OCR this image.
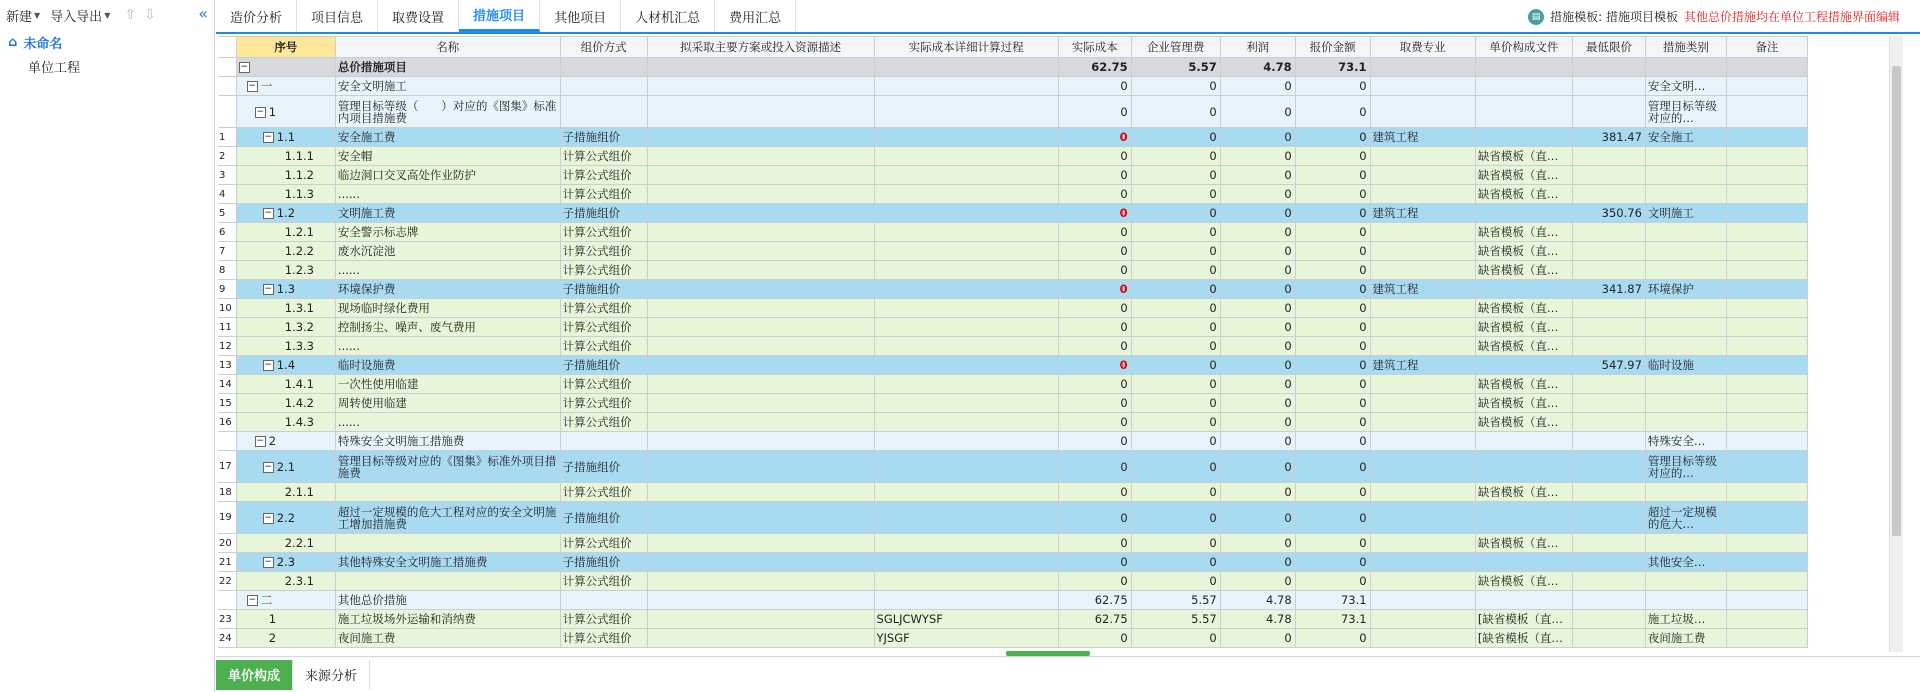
新建 ▼ 导入导出 ▼ ⇧ ⇩	«
⌂ 未命名
单位工程
造价分析	项目信息	取费设置	措施项目	其他项目	人材机汇总	费用汇总	▤ 措施模板: 措施项目模板 其他总价措施均在单位工程措施界面编辑
	序号	名称	组价方式	拟采取主要方案或投入资源描述	实际成本详细计算过程	实际成本	企业管理费	利润	报价金额	取费专业	单价构成文件	最低限价	措施类别	备注
	−	总价措施项目				62.75	5.57	4.78	73.1					
	− 一	安全文明施工				0	0	0	0				安全文明…	
	− 1	管理目标等级（　　）对应的《图集》标准内项目措施费				0	0	0	0				管理目标等级对应的…	
1	− 1.1	安全施工费	子措施组价			0	0	0	0	建筑工程		381.47	安全施工	
2	1.1.1	安全帽	计算公式组价			0	0	0	0		缺省模板（直…			
3	1.1.2	临边洞口交叉高处作业防护	计算公式组价			0	0	0	0		缺省模板（直…			
4	1.1.3	......	计算公式组价			0	0	0	0		缺省模板（直…			
5	− 1.2	文明施工费	子措施组价			0	0	0	0	建筑工程		350.76	文明施工	
6	1.2.1	安全警示标志牌	计算公式组价			0	0	0	0		缺省模板（直…			
7	1.2.2	废水沉淀池	计算公式组价			0	0	0	0		缺省模板（直…			
8	1.2.3	......	计算公式组价			0	0	0	0		缺省模板（直…			
9	− 1.3	环境保护费	子措施组价			0	0	0	0	建筑工程		341.87	环境保护	
10	1.3.1	现场临时绿化费用	计算公式组价			0	0	0	0		缺省模板（直…			
11	1.3.2	控制扬尘、噪声、废气费用	计算公式组价			0	0	0	0		缺省模板（直…			
12	1.3.3	......	计算公式组价			0	0	0	0		缺省模板（直…			
13	− 1.4	临时设施费	子措施组价			0	0	0	0	建筑工程		547.97	临时设施	
14	1.4.1	一次性使用临建	计算公式组价			0	0	0	0		缺省模板（直…			
15	1.4.2	周转使用临建	计算公式组价			0	0	0	0		缺省模板（直…			
16	1.4.3	......	计算公式组价			0	0	0	0		缺省模板（直…			
	− 2	特殊安全文明施工措施费				0	0	0	0				特殊安全…	
17	− 2.1	管理目标等级对应的《图集》标准外项目措施费	子措施组价			0	0	0	0				管理目标等级对应的…	
18	2.1.1		计算公式组价			0	0	0	0		缺省模板（直…			
19	− 2.2	超过一定规模的危大工程对应的安全文明施工增加措施费	子措施组价			0	0	0	0				超过一定规模的危大…	
20	2.2.1		计算公式组价			0	0	0	0		缺省模板（直…			
21	− 2.3	其他特殊安全文明施工措施费	子措施组价			0	0	0	0				其他安全…	
22	2.3.1		计算公式组价			0	0	0	0		缺省模板（直…			
	− 二	其他总价措施				62.75	5.57	4.78	73.1					
23	1	施工垃圾场外运输和消纳费	计算公式组价		SGLJCWYSF	62.75	5.57	4.78	73.1		[缺省模板（直…		施工垃圾…	
24	2	夜间施工费	计算公式组价		YJSGF	0	0	0	0		[缺省模板（直…		夜间施工费	
单价构成	来源分析
